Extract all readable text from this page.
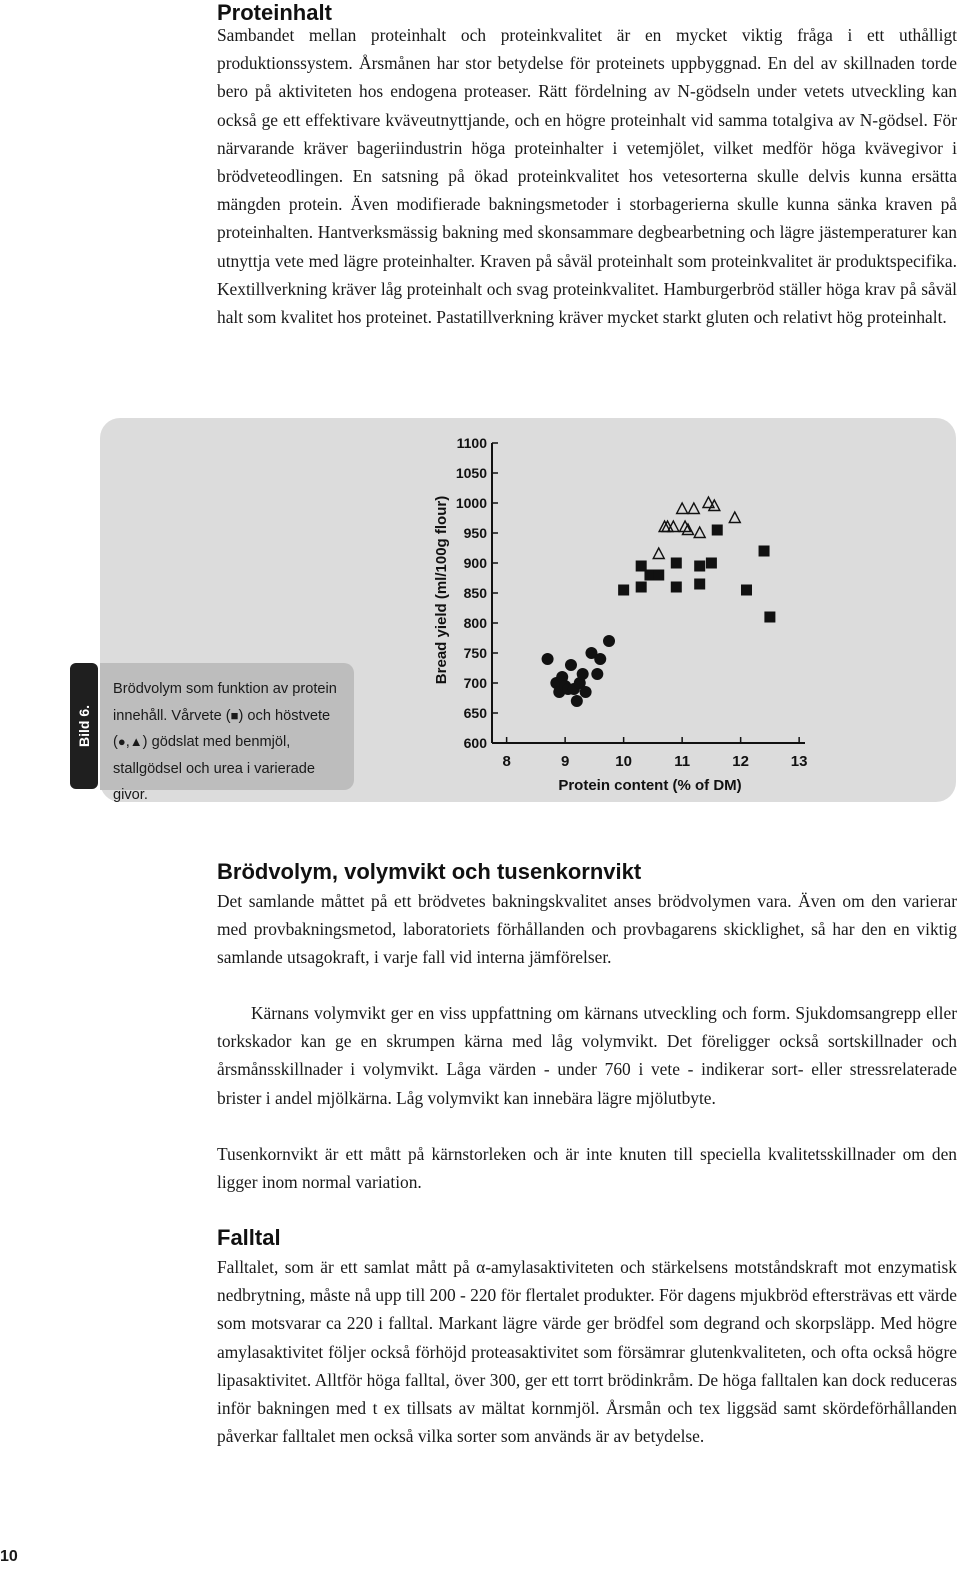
Proteinhalt

Sambandet mellan proteinhalt och proteinkvalitet är en mycket viktig fråga i ett uthålligt produktionssystem. Årsmånen har stor betydelse för proteinets uppbyggnad. En del av skillnaden torde bero på aktiviteten hos endogena proteaser. Rätt fördelning av N-gödseln under vetets utveckling kan också ge ett effektivare kväveutnyttjande, och en högre proteinhalt vid samma totalgiva av N-gödsel. För närvarande kräver bageriindustrin höga proteinhalter i vetemjölet, vilket medför höga kvävegivor i brödveteodlingen. En satsning på ökad proteinkvalitet hos vetesorterna skulle delvis kunna ersätta mängden protein. Även modifierade bakningsmetoder i storbagerierna skulle kunna sänka kraven på proteinhalten. Hantverksmässig bakning med skonsammare degbearbetning och lägre jästemperaturer kan utnyttja vete med lägre proteinhalter. Kraven på såväl proteinhalt som proteinkvalitet är produktspecifika. Kextillverkning kräver låg proteinhalt och svag proteinkvalitet. Hamburgerbröd ställer höga krav på såväl halt som kvalitet hos proteinet. Pastatillverkning kräver mycket starkt gluten och relativt hög proteinhalt.

600
650
700
750
800
850
900
950
1000
1050
1100
8	9	10	11	12	13
Bread yield (ml/100g flour)
Protein content (% of DM)
Bild 6.
Brödvolym som funktion av protein innehåll. Vårvete (■) och höstvete (●,▲) gödslat med benmjöl, stallgödsel och urea i varierade givor.
Brödvolym, volymvikt och tusenkornvikt

Det samlande måttet på ett brödvetes bakningskvalitet anses brödvolymen vara. Även om den varierar med provbakningsmetod, laboratoriets förhållanden och provbagarens skicklighet, så har den en viktig samlande utsagokraft, i varje fall vid interna jämförelser.

Kärnans volymvikt ger en viss uppfattning om kärnans utveckling och form. Sjukdomsangrepp eller torkskador kan ge en skrumpen kärna med låg volymvikt. Det föreligger också sortskillnader och årsmånsskillnader i volymvikt. Låga värden - under 760 i vete - indikerar sort- eller stressrelaterade brister i andel mjölkärna. Låg volymvikt kan innebära lägre mjölutbyte.

Tusenkornvikt är ett mått på kärnstorleken och är inte knuten till speciella kvalitetsskillnader om den ligger inom normal variation.

Falltal

Falltalet, som är ett samlat mått på α-amylasaktiviteten och stärkelsens motståndskraft mot enzymatisk nedbrytning, måste nå upp till 200 - 220 för flertalet produkter. För dagens mjukbröd eftersträvas ett värde som motsvarar ca 220 i falltal. Markant lägre värde ger brödfel som degrand och skorpsläpp. Med högre amylasaktivitet följer också förhöjd proteasaktivitet som försämrar glutenkvaliteten, och ofta också högre lipasaktivitet. Alltför höga falltal, över 300, ger ett torrt brödinkråm. De höga falltalen kan dock reduceras inför bakningen med t ex tillsats av mältat kornmjöl. Årsmån och tex liggsäd samt skördeförhållanden påverkar falltalet men också vilka sorter som används är av betydelse.

10
